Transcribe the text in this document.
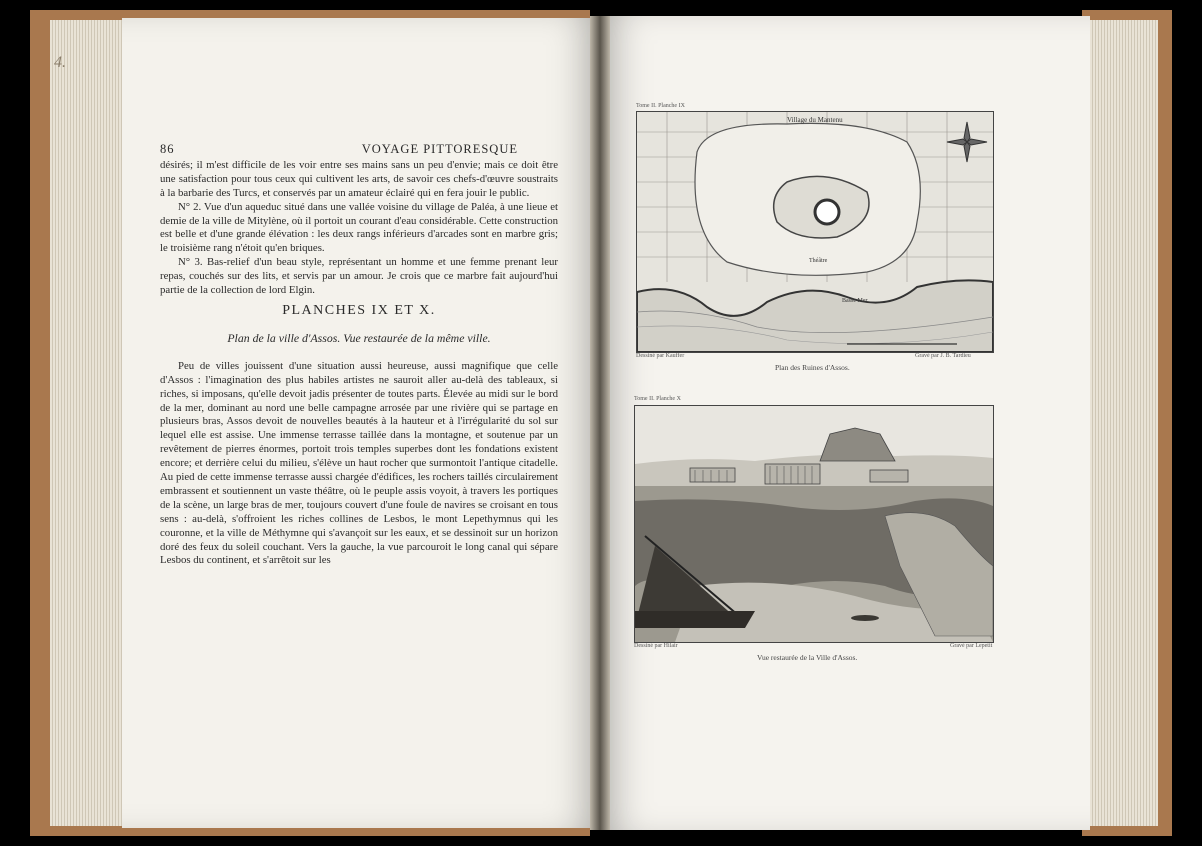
4.
86	VOYAGE PITTORESQUE

désirés; il m'est difficile de les voir entre ses mains sans un peu d'envie; mais ce doit être une satisfaction pour tous ceux qui cultivent les arts, de savoir ces chefs-d'œuvre soustraits à la barbarie des Turcs, et conservés par un amateur éclairé qui en fera jouir le public.

N° 2. Vue d'un aqueduc situé dans une vallée voisine du village de Paléa, à une lieue et demie de la ville de Mitylène, où il portoit un courant d'eau considérable. Cette construction est belle et d'une grande élévation : les deux rangs inférieurs d'arcades sont en marbre gris; le troisième rang n'étoit qu'en briques.

N° 3. Bas-relief d'un beau style, représentant un homme et une femme prenant leur repas, couchés sur des lits, et servis par un amour. Je crois que ce marbre fait aujourd'hui partie de la collection de lord Elgin.

PLANCHES IX ET X.
Plan de la ville d'Assos. Vue restaurée de la même ville.

Peu de villes jouissent d'une situation aussi heureuse, aussi magnifique que celle d'Assos : l'imagination des plus habiles artistes ne sauroit aller au-delà des tableaux, si riches, si imposans, qu'elle devoit jadis présenter de toutes parts. Élevée au midi sur le bord de la mer, dominant au nord une belle campagne arrosée par une rivière qui se partage en plusieurs bras, Assos devoit de nouvelles beautés à la hauteur et à l'irrégularité du sol sur lequel elle est assise. Une immense terrasse taillée dans la montagne, et soutenue par un revêtement de pierres énormes, portoit trois temples superbes dont les fondations existent encore; et derrière celui du milieu, s'élève un haut rocher que surmontoit l'antique citadelle. Au pied de cette immense terrasse aussi chargée d'édifices, les rochers taillés circulairement embrassent et soutiennent un vaste théâtre, où le peuple assis voyoit, à travers les portiques de la scène, un large bras de mer, toujours couvert d'une foule de navires se croisant en tous sens : au-delà, s'offroient les riches collines de Lesbos, le mont Lepethymnus qui les couronne, et la ville de Méthymne qui s'avançoit sur les eaux, et se dessinoit sur un horizon doré des feux du soleil couchant. Vers la gauche, la vue parcouroit le long canal qui sépare Lesbos du continent, et s'arrêtoit sur les

Tome II. Planche IX
Village du Mantenu
Théâtre
Basse Mer
Dessiné par Kauffer	Gravé par J. B. Tardieu
Plan des Ruines d'Assos.
Tome II. Planche X
Dessiné par Hilair	Gravé par Lepetit
Vue restaurée de la Ville d'Assos.
